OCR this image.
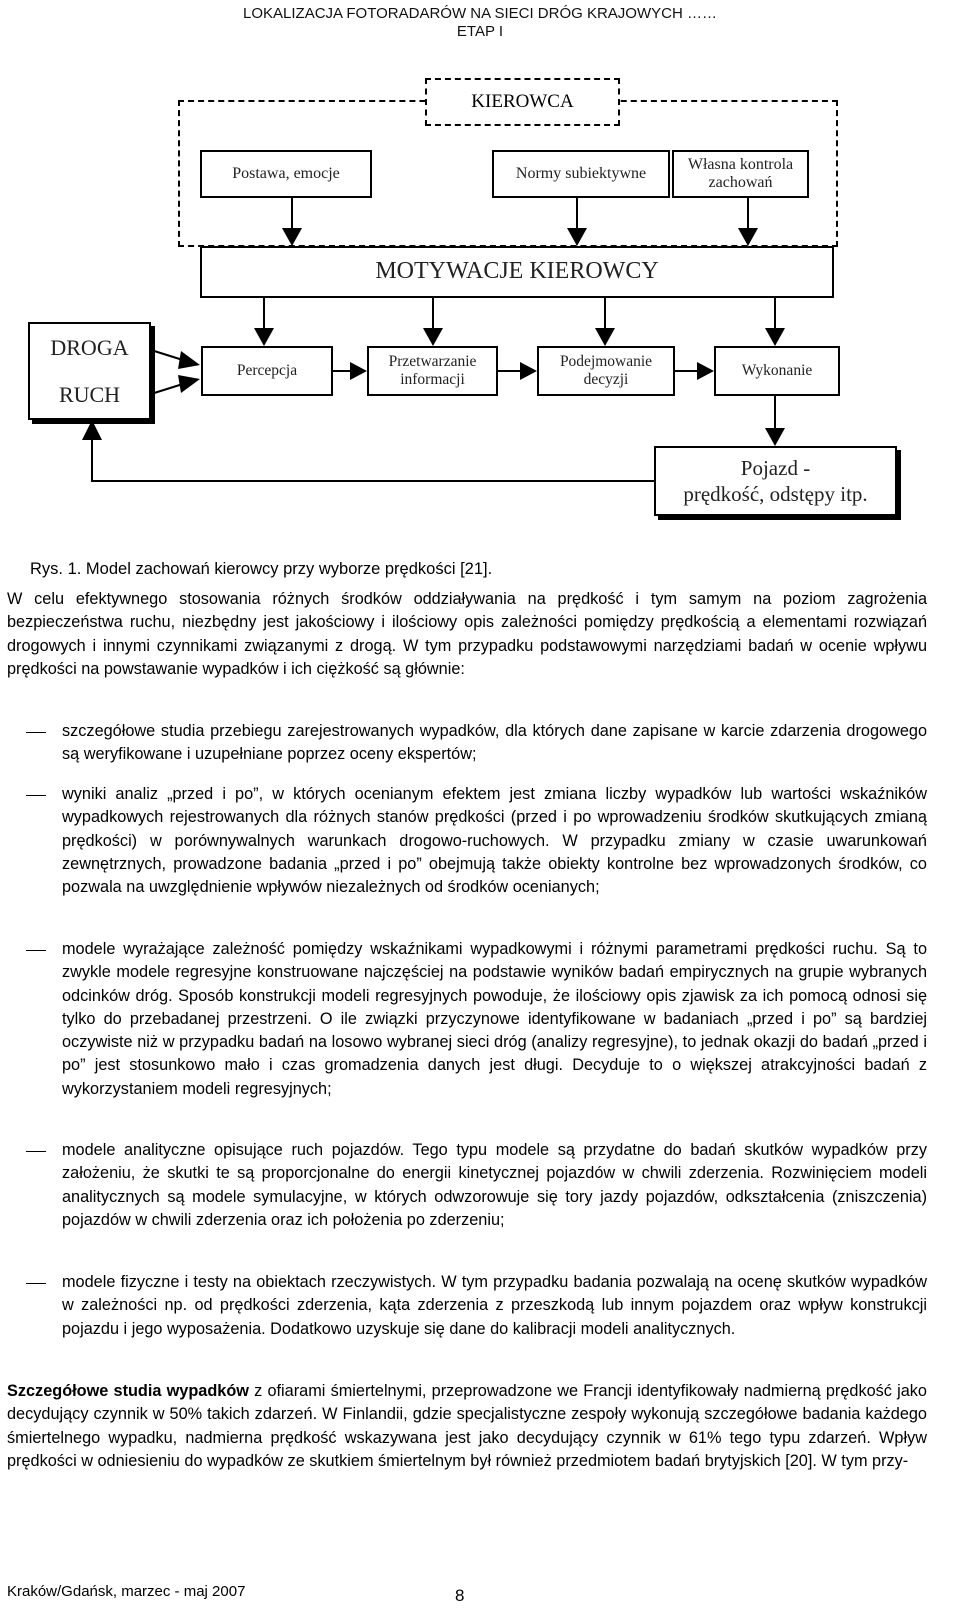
LOKALIZACJA FOTORADARÓW NA SIECI DRÓG KRAJOWYCH ……
ETAP I
KIEROWCA
Postawa, emocje	Normy subiektywne
Własna kontrola
zachowań
MOTYWACJE KIEROWCY
DROGA
RUCH
Percepcja
Przetwarzanie
informacji
Podejmowanie
decyzji
Wykonanie
Pojazd -
prędkość, odstępy itp.
Rys. 1. Model zachowań kierowcy przy wyborze prędkości [21].

W celu efektywnego stosowania różnych środków oddziaływania na prędkość i tym samym na poziom zagrożenia bezpieczeństwa ruchu, niezbędny jest jakościowy i ilościowy opis zależności pomiędzy prędkością a elementami rozwiązań drogowych i innymi czynnikami związanymi z drogą. W tym przypadku podstawowymi narzędziami badań w ocenie wpływu prędkości na powstawanie wypadków i ich ciężkość są głównie:

szczegółowe studia przebiegu zarejestrowanych wypadków, dla których dane zapisane w karcie zdarzenia drogowego są weryfikowane i uzupełniane poprzez oceny ekspertów;

wyniki analiz „przed i po”, w których ocenianym efektem jest zmiana liczby wypadków lub wartości wskaźników wypadkowych rejestrowanych dla różnych stanów prędkości (przed i po wprowadzeniu środków skutkujących zmianą prędkości) w porównywalnych warunkach drogowo-ruchowych. W przypadku zmiany w czasie uwarunkowań zewnętrznych, prowadzone badania „przed i po” obejmują także obiekty kontrolne bez wprowadzonych środków, co pozwala na uwzględnienie wpływów niezależnych od środków ocenianych;

modele wyrażające zależność pomiędzy wskaźnikami wypadkowymi i różnymi parametrami prędkości ruchu. Są to zwykle modele regresyjne konstruowane najczęściej na podstawie wyników badań empirycznych na grupie wybranych odcinków dróg. Sposób konstrukcji modeli regresyjnych powoduje, że ilościowy opis zjawisk za ich pomocą odnosi się tylko do przebadanej przestrzeni. O ile związki przyczynowe identyfikowane w badaniach „przed i po” są bardziej oczywiste niż w przypadku badań na losowo wybranej sieci dróg (analizy regresyjne), to jednak okazji do badań „przed i po” jest stosunkowo mało i czas gromadzenia danych jest długi. Decyduje to o większej atrakcyjności badań z wykorzystaniem modeli regresyjnych;

modele analityczne opisujące ruch pojazdów. Tego typu modele są przydatne do badań skutków wypadków przy założeniu, że skutki te są proporcjonalne do energii kinetycznej pojazdów w chwili zderzenia. Rozwinięciem modeli analitycznych są modele symulacyjne, w których odwzorowuje się tory jazdy pojazdów, odkształcenia (zniszczenia) pojazdów w chwili zderzenia oraz ich położenia po zderzeniu;

modele fizyczne i testy na obiektach rzeczywistych. W tym przypadku badania pozwalają na ocenę skutków wypadków w zależności np. od prędkości zderzenia, kąta zderzenia z przeszkodą lub innym pojazdem oraz wpływ konstrukcji pojazdu i jego wyposażenia. Dodatkowo uzyskuje się dane do kalibracji modeli analitycznych.

Szczegółowe studia wypadków z ofiarami śmiertelnymi, przeprowadzone we Francji identyfikowały nadmierną prędkość jako decydujący czynnik w 50% takich zdarzeń. W Finlandii, gdzie specjalistyczne zespoły wykonują szczegółowe badania każdego śmiertelnego wypadku, nadmierna prędkość wskazywana jest jako decydujący czynnik w 61% tego typu zdarzeń. Wpływ prędkości w odniesieniu do wypadków ze skutkiem śmiertelnym był również przedmiotem badań brytyjskich [20]. W tym przy-

Kraków/Gdańsk, marzec - maj 2007	8
